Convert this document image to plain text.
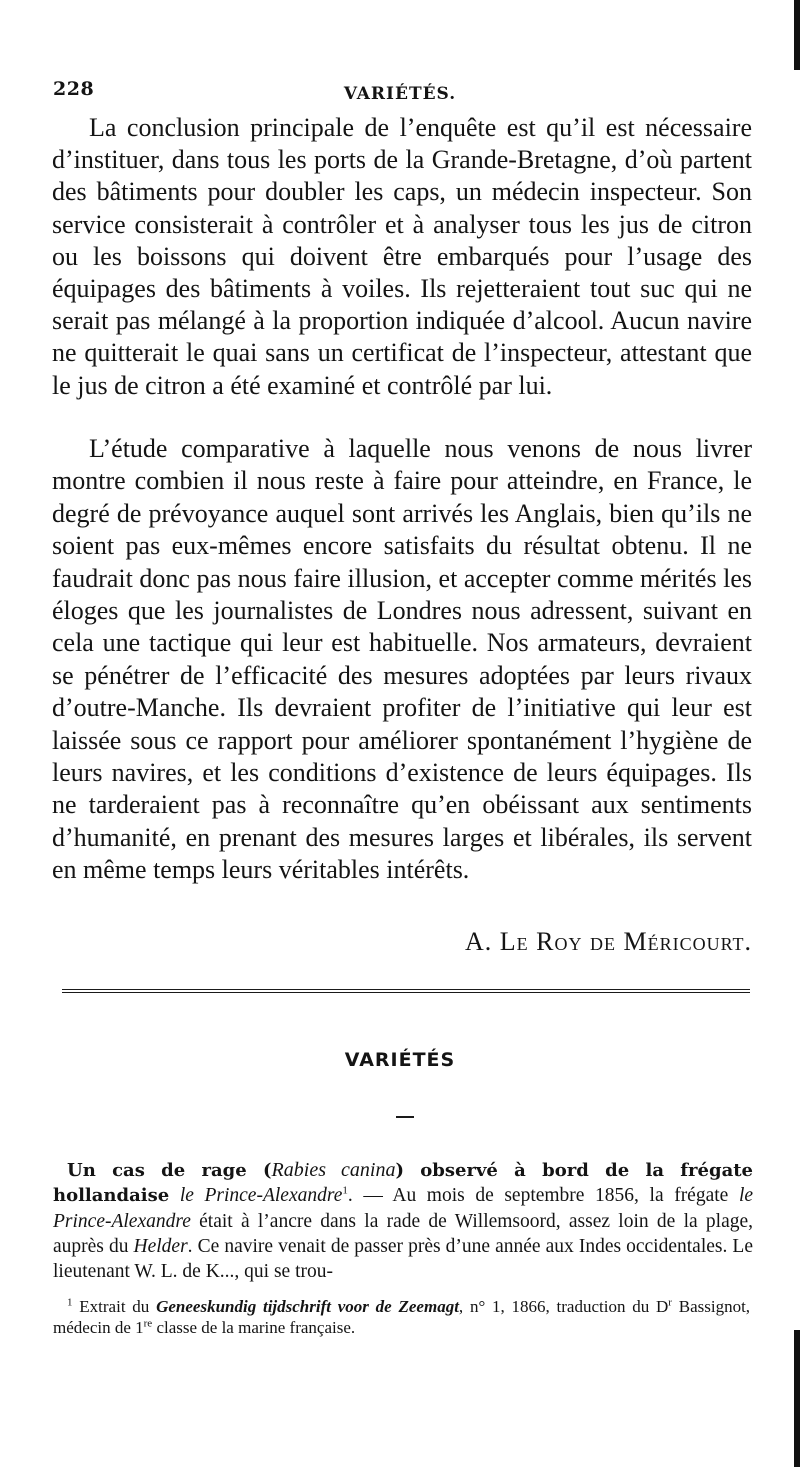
228	VARIÉTÉS.

La conclusion principale de l’enquête est qu’il est nécessaire d’instituer, dans tous les ports de la Grande-Bretagne, d’où partent des bâtiments pour doubler les caps, un médecin inspecteur. Son service consisterait à contrôler et à analyser tous les jus de citron ou les boissons qui doivent être embarqués pour l’usage des équipages des bâtiments à voiles. Ils rejetteraient tout suc qui ne serait pas mélangé à la proportion indiquée d’alcool. Aucun navire ne quitterait le quai sans un certificat de l’inspecteur, attestant que le jus de citron a été examiné et contrôlé par lui.

L’étude comparative à laquelle nous venons de nous livrer montre combien il nous reste à faire pour atteindre, en France, le degré de prévoyance auquel sont arrivés les Anglais, bien qu’ils ne soient pas eux-mêmes encore satisfaits du résultat obtenu. Il ne faudrait donc pas nous faire illusion, et accepter comme mérités les éloges que les journalistes de Londres nous adressent, suivant en cela une tactique qui leur est habituelle. Nos armateurs, devraient se pénétrer de l’efficacité des mesures adoptées par leurs rivaux d’outre-Manche. Ils devraient profiter de l’initiative qui leur est laissée sous ce rapport pour améliorer spontanément l’hygiène de leurs navires, et les conditions d’existence de leurs équipages. Ils ne tarderaient pas à reconnaître qu’en obéissant aux sentiments d’humanité, en prenant des mesures larges et libérales, ils servent en même temps leurs véritables intérêts.

A. Le Roy de Méricourt.
VARIÉTÉS

Un cas de rage (Rabies canina) observé à bord de la frégate hollandaise le Prince-Alexandre$^1$. — Au mois de septembre 1856, la frégate le Prince-Alexandre était à l’ancre dans la rade de Willemsoord, assez loin de la plage, auprès du Helder. Ce navire venait de passer près d’une année aux Indes occidentales. Le lieutenant W. L. de K..., qui se trou-

$^1$ Extrait du Geneeskundig tijdschrift voor de Zeemagt, n° 1, 1866, traduction du $D^r$ Bassignot, médecin de 1re classe de la marine française.
